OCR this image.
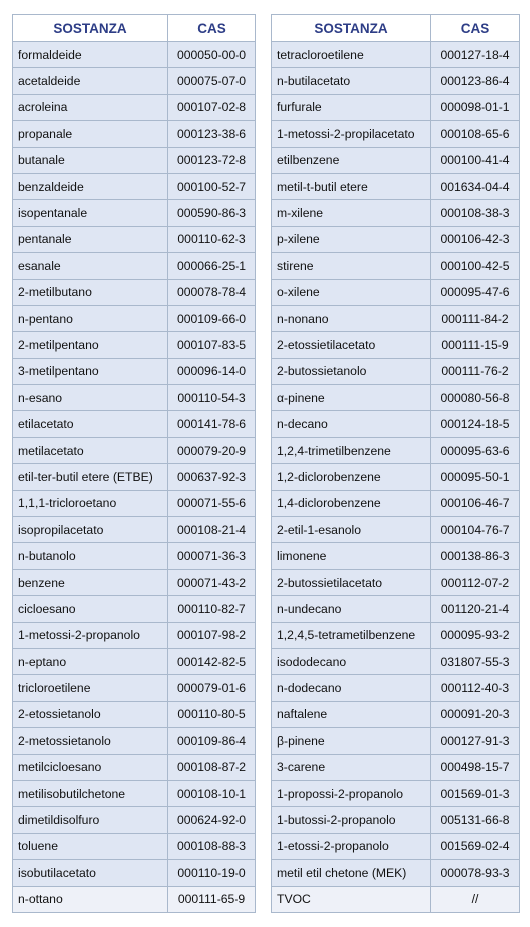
SOSTANZA	CAS
formaldeide	000050-00-0
acetaldeide	000075-07-0
acroleina	000107-02-8
propanale	000123-38-6
butanale	000123-72-8
benzaldeide	000100-52-7
isopentanale	000590-86-3
pentanale	000110-62-3
esanale	000066-25-1
2-metilbutano	000078-78-4
n-pentano	000109-66-0
2-metilpentano	000107-83-5
3-metilpentano	000096-14-0
n-esano	000110-54-3
etilacetato	000141-78-6
metilacetato	000079-20-9
etil-ter-butil etere (ETBE)	000637-92-3
1,1,1-tricloroetano	000071-55-6
isopropilacetato	000108-21-4
n-butanolo	000071-36-3
benzene	000071-43-2
cicloesano	000110-82-7
1-metossi-2-propanolo	000107-98-2
n-eptano	000142-82-5
tricloroetilene	000079-01-6
2-etossietanolo	000110-80-5
2-metossietanolo	000109-86-4
metilcicloesano	000108-87-2
metilisobutilchetone	000108-10-1
dimetildisolfuro	000624-92-0
toluene	000108-88-3
isobutilacetato	000110-19-0
n-ottano	000111-65-9
SOSTANZA	CAS
tetracloroetilene	000127-18-4
n-butilacetato	000123-86-4
furfurale	000098-01-1
1-metossi-2-propilacetato	000108-65-6
etilbenzene	000100-41-4
metil-t-butil etere	001634-04-4
m-xilene	000108-38-3
p-xilene	000106-42-3
stirene	000100-42-5
o-xilene	000095-47-6
n-nonano	000111-84-2
2-etossietilacetato	000111-15-9
2-butossietanolo	000111-76-2
α-pinene	000080-56-8
n-decano	000124-18-5
1,2,4-trimetilbenzene	000095-63-6
1,2-diclorobenzene	000095-50-1
1,4-diclorobenzene	000106-46-7
2-etil-1-esanolo	000104-76-7
limonene	000138-86-3
2-butossietilacetato	000112-07-2
n-undecano	001120-21-4
1,2,4,5-tetrametilbenzene	000095-93-2
isododecano	031807-55-3
n-dodecano	000112-40-3
naftalene	000091-20-3
β-pinene	000127-91-3
3-carene	000498-15-7
1-propossi-2-propanolo	001569-01-3
1-butossi-2-propanolo	005131-66-8
1-etossi-2-propanolo	001569-02-4
metil etil chetone (MEK)	000078-93-3
TVOC	//
